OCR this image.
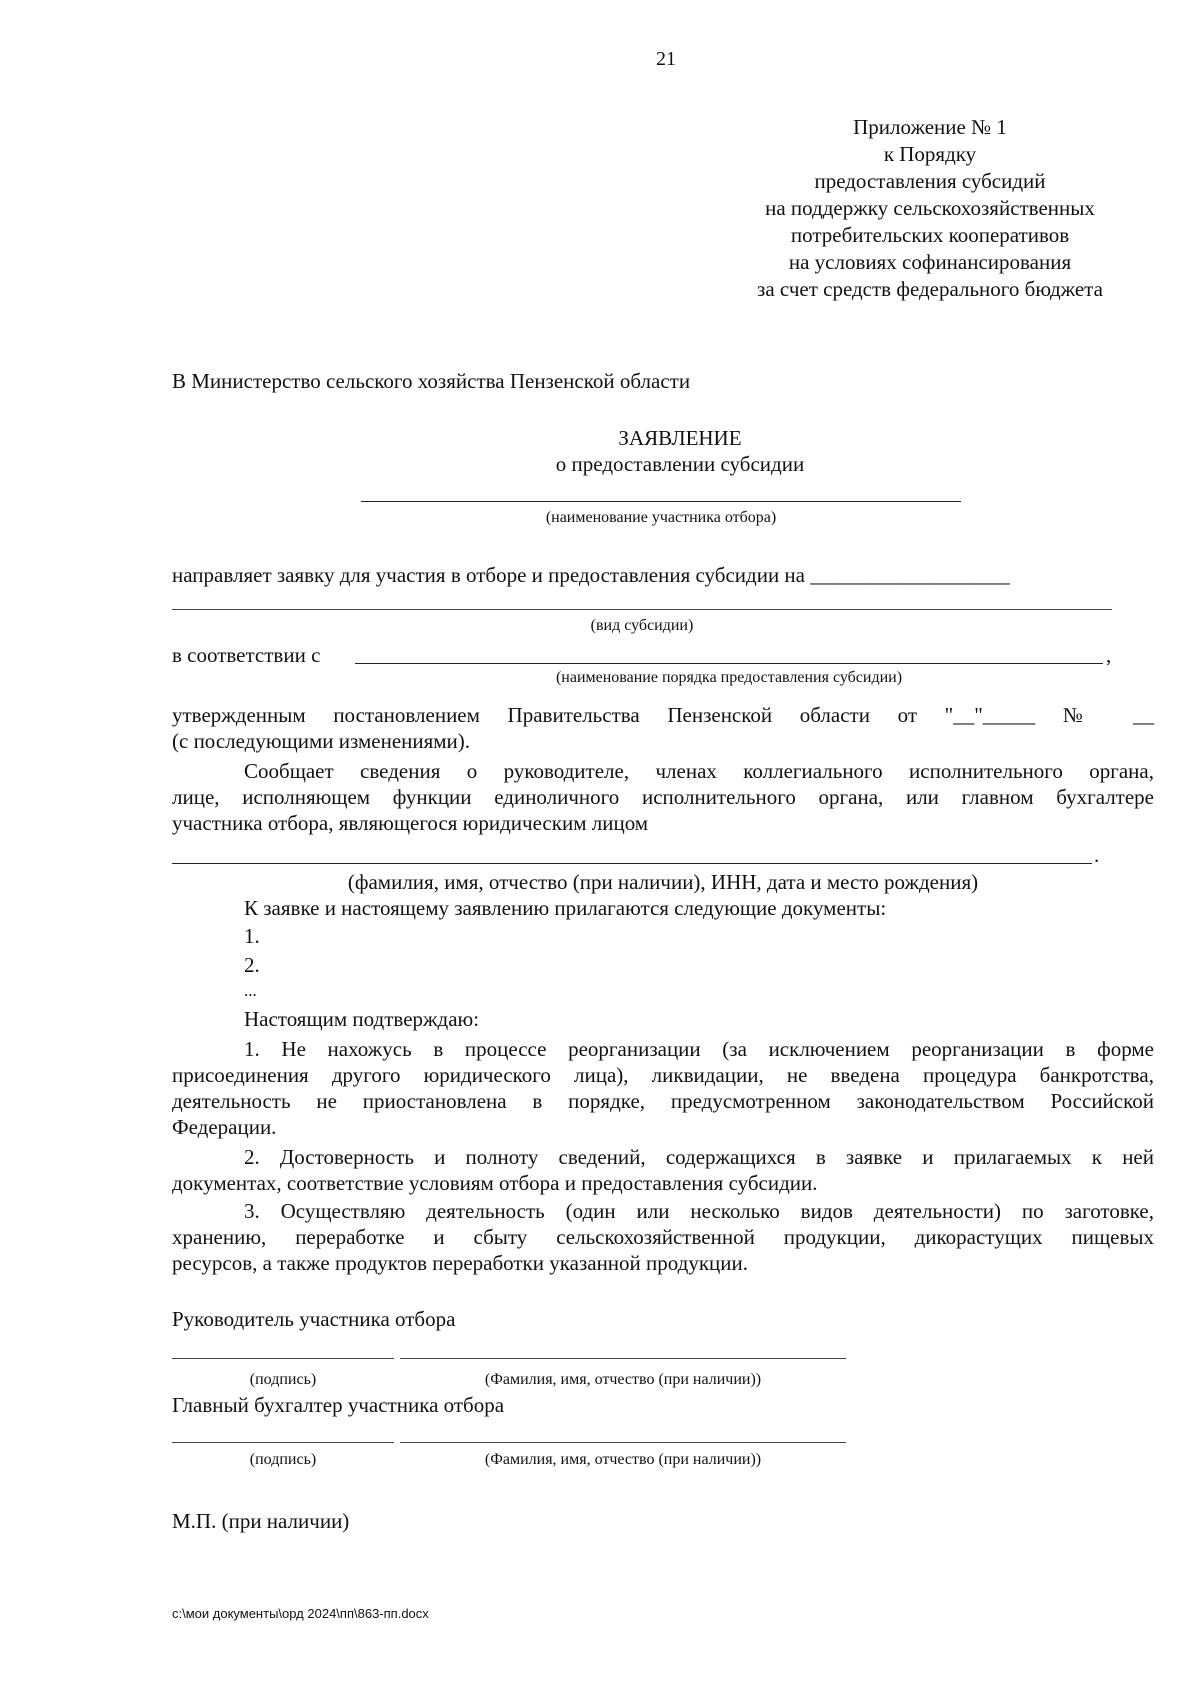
21
Приложение № 1
к Порядку
предоставления субсидий
на поддержку сельскохозяйственных
потребительских кооперативов
на условиях софинансирования
за счет средств федерального бюджета
В Министерство сельского хозяйства Пензенской области
ЗАЯВЛЕНИЕ
о предоставлении субсидии
(наименование участника отбора)
направляет заявку для участия в отборе и предоставления субсидии на ___________________
(вид субсидии)
в соответствии с	,
(наименование порядка предоставления субсидии)
утвержденным постановлением Правительства Пензенской области от "__"_____ № __
(с последующими изменениями).
Сообщает сведения о руководителе, членах коллегиального исполнительного органа,
лице, исполняющем функции единоличного исполнительного органа, или главном бухгалтере
участника отбора, являющегося юридическим лицом
.
(фамилия, имя, отчество (при наличии), ИНН, дата и место рождения)
К заявке и настоящему заявлению прилагаются следующие документы:
1.
2.
...
Настоящим подтверждаю:
1. Не нахожусь в процессе реорганизации (за исключением реорганизации в форме
присоединения другого юридического лица), ликвидации, не введена процедура банкротства,
деятельность не приостановлена в порядке, предусмотренном законодательством Российской
Федерации.
2. Достоверность и полноту сведений, содержащихся в заявке и прилагаемых к ней
документах, соответствие условиям отбора и предоставления субсидии.
3. Осуществляю деятельность (один или несколько видов деятельности) по заготовке,
хранению, переработке и сбыту сельскохозяйственной продукции, дикорастущих пищевых
ресурсов, а также продуктов переработки указанной продукции.
Руководитель участника отбора
(подпись)	(Фамилия, имя, отчество (при наличии))
Главный бухгалтер участника отбора
(подпись)	(Фамилия, имя, отчество (при наличии))
М.П. (при наличии)
c:\мои документы\орд 2024\пп\863-пп.docx
